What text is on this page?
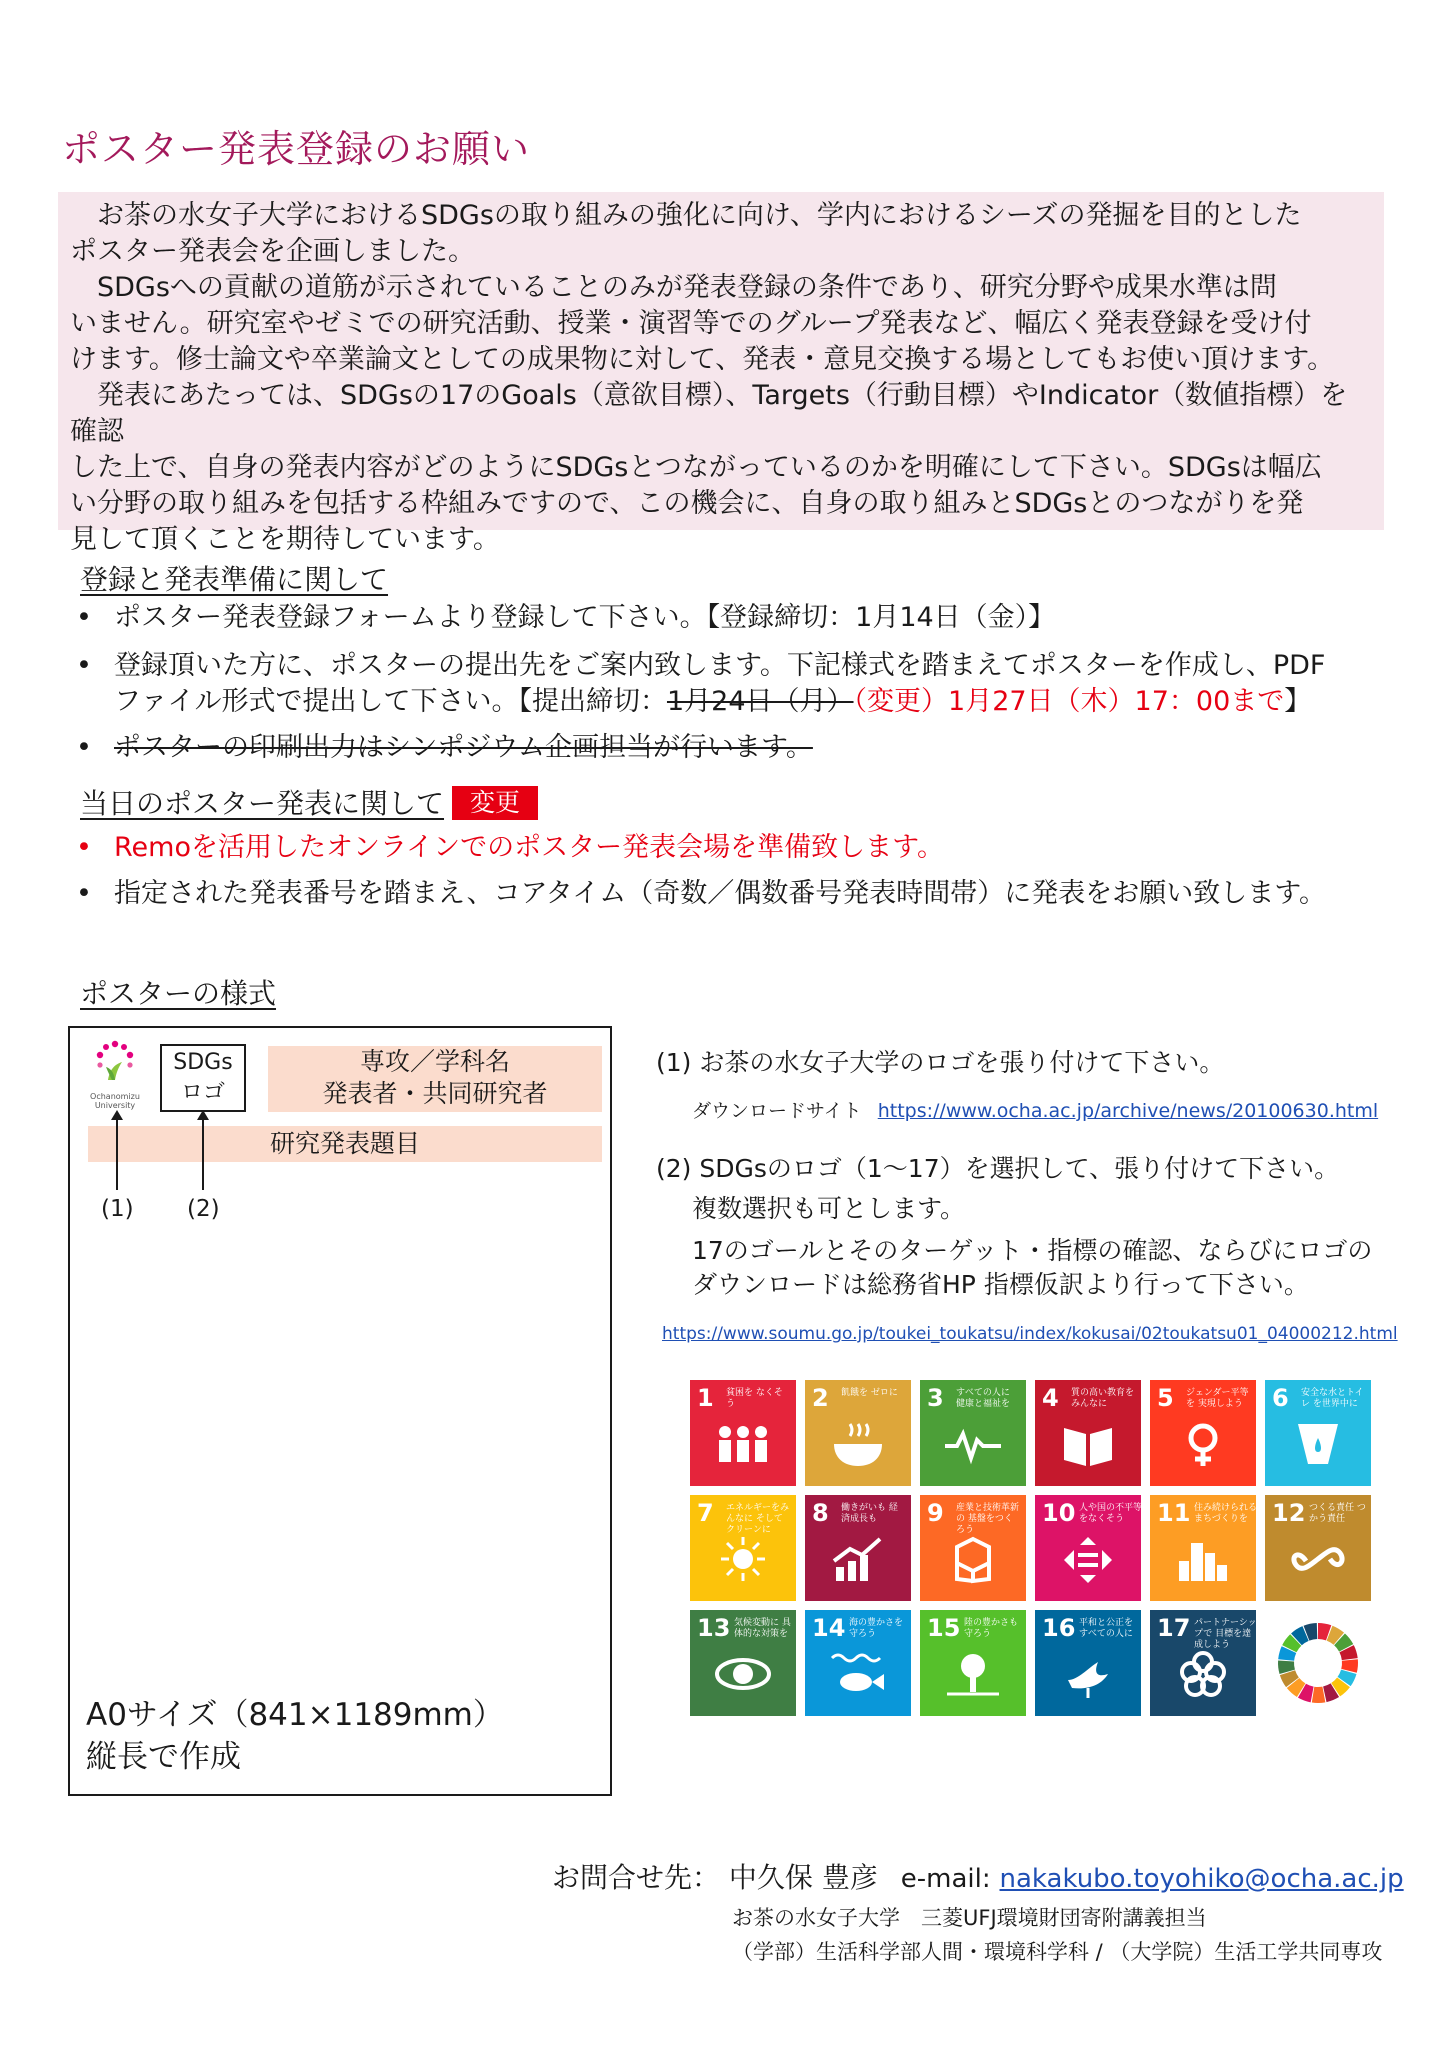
ポスター発表登録のお願い

　お茶の水女子大学におけるSDGsの取り組みの強化に向け、学内におけるシーズの発掘を目的とした

ポスター発表会を企画しました。

　SDGsへの貢献の道筋が示されていることのみが発表登録の条件であり、研究分野や成果水準は問

いません。研究室やゼミでの研究活動、授業・演習等でのグループ発表など、幅広く発表登録を受け付

けます。修士論文や卒業論文としての成果物に対して、発表・意見交換する場としてもお使い頂けます。

　発表にあたっては、SDGsの17のGoals（意欲目標）、Targets（行動目標）やIndicator（数値指標）を確認

した上で、自身の発表内容がどのようにSDGsとつながっているのかを明確にして下さい。SDGsは幅広

い分野の取り組みを包括する枠組みですので、この機会に、自身の取り組みとSDGsとのつながりを発

見して頂くことを期待しています。

登録と発表準備に関して
• ポスター発表登録フォームより登録して下さい。【登録締切：1月14日（金）】
• 登録頂いた方に、ポスターの提出先をご案内致します。下記様式を踏まえてポスターを作成し、PDF
ファイル形式で提出して下さい。【提出締切：1月24日（月）（変更）1月27日（木）17：00まで】
• ポスターの印刷出力はシンポジウム企画担当が行います。
当日のポスター発表に関して 変更
• Remoを活用したオンラインでのポスター発表会場を準備致します。
• 指定された発表番号を踏まえ、コアタイム（奇数／偶数番号発表時間帯）に発表をお願い致します。
ポスターの様式
Ochanomizu
University
SDGs
ロゴ
専攻／学科名
発表者・共同研究者
研究発表題目
(1) (2)
A0サイズ（841×1189mm）
縦長で作成
(1) お茶の水女子大学のロゴを張り付けて下さい。
ダウンロードサイト https://www.ocha.ac.jp/archive/news/20100630.html
(2) SDGsのロゴ（1～17）を選択して、張り付けて下さい。
複数選択も可とします。
17のゴールとそのターゲット・指標の確認、ならびにロゴの
ダウンロードは総務省HP 指標仮訳より行って下さい。
https://www.soumu.go.jp/toukei_toukatsu/index/kokusai/02toukatsu01_04000212.html
1 貧困を なくそう	2 飢餓を ゼロに 3 すべての人に 健康と福祉を	4 質の高い教育を みんなに	5 ジェンダー平等を 実現しよう 6 安全な水とトイレ を世界中に
7 エネルギーをみんなに そしてクリーンに
8 働きがいも 経済成長も	9 産業と技術革新の 基盤をつくろう
10 人や国の不平等 をなくそう	11 住み続けられる まちづくりを	12 つくる責任 つかう責任
13 気候変動に 具体的な対策を 14 海の豊かさを 守ろう	15 陸の豊かさも 守ろう	16 平和と公正を すべての人に	17 パートナーシップで 目標を達成しよう
お問合せ先： 中久保 豊彦 e-mail: nakakubo.toyohiko@ocha.ac.jp
お茶の水女子大学　三菱UFJ環境財団寄附講義担当
（学部）生活科学部人間・環境科学科 / （大学院）生活工学共同専攻
